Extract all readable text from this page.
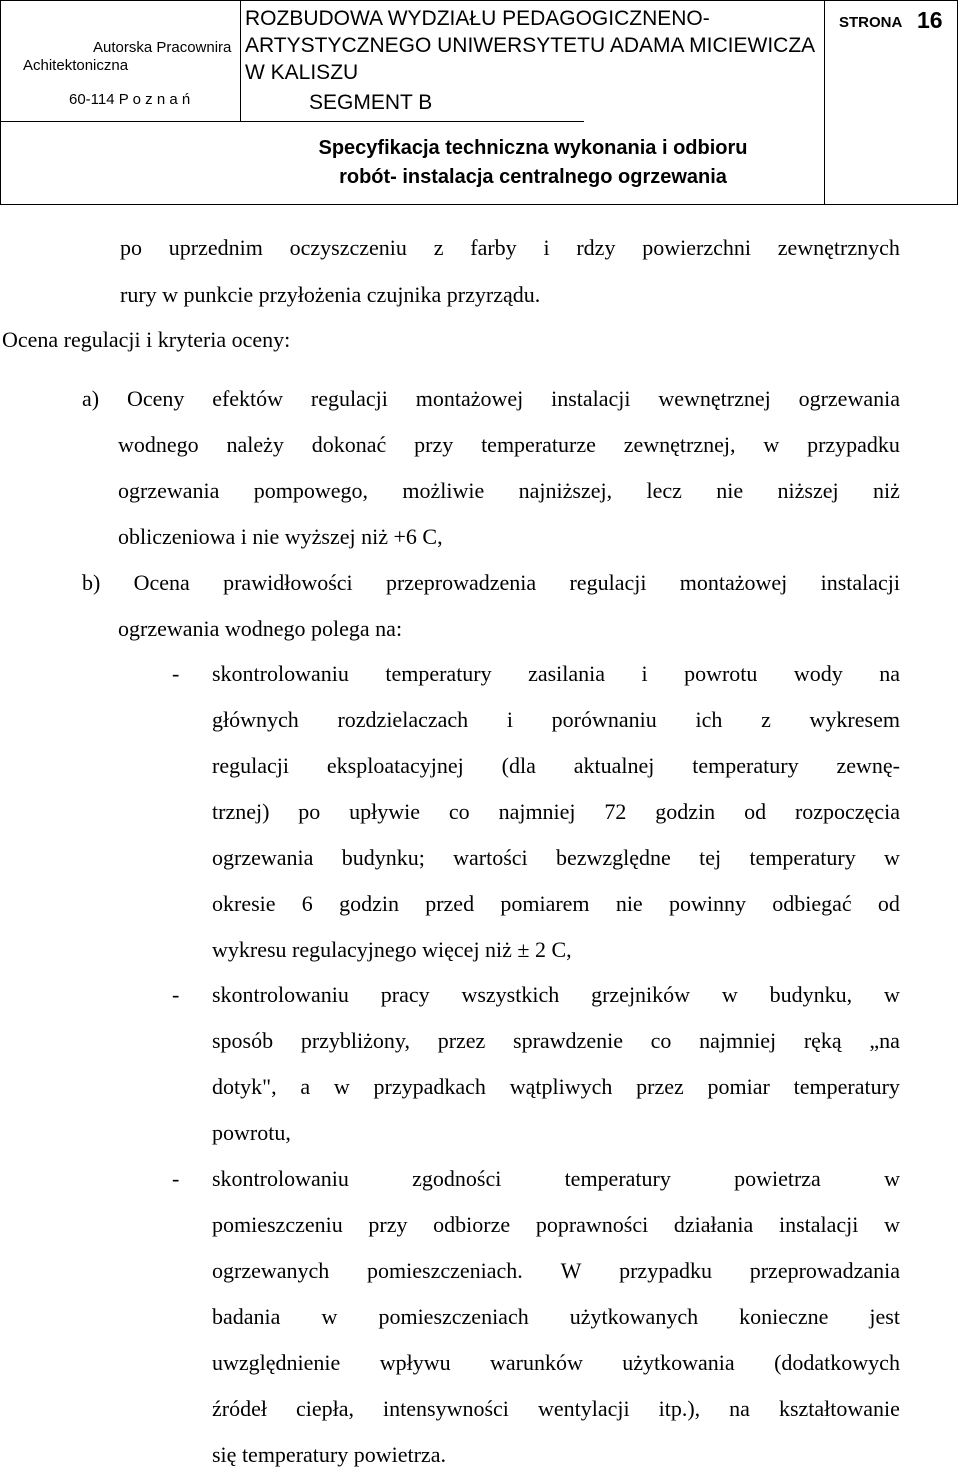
Autorska Pracownira
Achitektoniczna
60-114 P o z n a ń
ROZBUDOWA WYDZIAŁU PEDAGOGICZNENO-
ARTYSTYCZNEGO UNIWERSYTETU ADAMA MICIEWICZA
W KALISZU
SEGMENT B
STRONA 16
Specyfikacja techniczna wykonania i odbioru
robót- instalacja centralnego ogrzewania
po uprzednim oczyszczeniu z farby i rdzy powierzchni zewnętrznych
rury w punkcie przyłożenia czujnika przyrządu.
Ocena regulacji i kryteria oceny:
a) Oceny efektów regulacji montażowej instalacji wewnętrznej ogrzewania
wodnego należy dokonać przy temperaturze zewnętrznej, w przypadku
ogrzewania pompowego, możliwie najniższej, lecz nie niższej niż
obliczeniowa i nie wyższej niż +6 C,
b) Ocena prawidłowości przeprowadzenia regulacji montażowej instalacji
ogrzewania wodnego polega na:
- skontrolowaniu temperatury zasilania i powrotu wody na
głównych rozdzielaczach i porównaniu ich z wykresem
regulacji eksploatacyjnej (dla aktualnej temperatury zewnę-
trznej) po upływie co najmniej 72 godzin od rozpoczęcia
ogrzewania budynku; wartości bezwzględne tej temperatury w
okresie 6 godzin przed pomiarem nie powinny odbiegać od
wykresu regulacyjnego więcej niż ± 2 C,
- skontrolowaniu pracy wszystkich grzejników w budynku, w
sposób przybliżony, przez sprawdzenie co najmniej ręką „na
dotyk", a w przypadkach wątpliwych przez pomiar temperatury
powrotu,
- skontrolowaniu	zgodności	temperatury	powietrza	w
pomieszczeniu przy odbiorze poprawności działania instalacji w
ogrzewanych pomieszczeniach. W przypadku przeprowadzania
badania w pomieszczeniach użytkowanych konieczne jest
uwzględnienie wpływu warunków użytkowania (dodatkowych
źródeł ciepła, intensywności wentylacji itp.), na kształtowanie
się temperatury powietrza.
